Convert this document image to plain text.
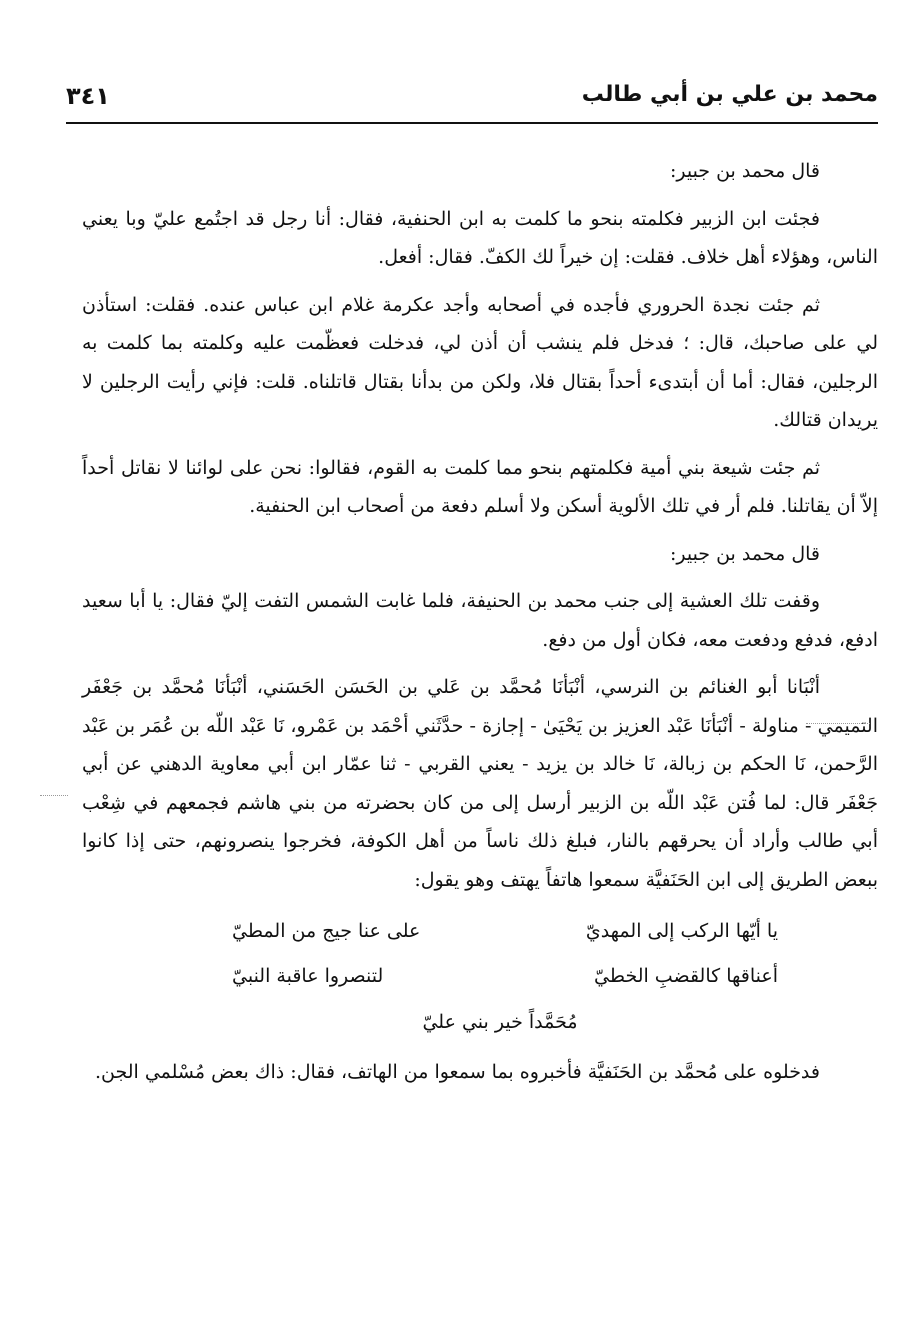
محمد بن علي بن أبي طالب
٣٤١

قال محمد بن جبير:

فجئت ابن الزبير فكلمته بنحو ما كلمت به ابن الحنفية، فقال: أنا رجل قد اجتُمع عليّ وبا يعني الناس، وهؤلاء أهل خلاف. فقلت: إن خيراً لك الكفّ. فقال: أفعل.

ثم جئت نجدة الحروري فأجده في أصحابه وأجد عكرمة غلام ابن عباس عنده. فقلت: استأذن لي على صاحبك، قال: ؛ فدخل فلم ينشب أن أذن لي، فدخلت فعظّمت عليه وكلمته بما كلمت به الرجلين، فقال: أما أن أبتدىء أحداً بقتال فلا، ولكن من بدأنا بقتال قاتلناه. قلت: فإني رأيت الرجلين لا يريدان قتالك.

ثم جئت شيعة بني أمية فكلمتهم بنحو مما كلمت به القوم، فقالوا: نحن على لوائنا لا نقاتل أحداً إلاّ أن يقاتلنا. فلم أر في تلك الألوية أسكن ولا أسلم دفعة من أصحاب ابن الحنفية.

قال محمد بن جبير:

وقفت تلك العشية إلى جنب محمد بن الحنيفة، فلما غابت الشمس التفت إليّ فقال: يا أبا سعيد ادفع، فدفع ودفعت معه، فكان أول من دفع.

أنْبَانا أبو الغنائم بن النرسي، أنْبَأنَا مُحمَّد بن عَلي بن الحَسَن الحَسَني، أنْبَأنَا مُحمَّد بن جَعْفَر التميمي - مناولة - أنْبَأنَا عَبْد العزيز بن يَحْيَىٰ - إجازة - حدَّثَني أحْمَد بن عَمْرو، نَا عَبْد اللّه بن عُمَر بن عَبْد الرَّحمن، نَا الحكم بن زبالة، نَا خالد بن يزيد - يعني القربي - ثنا عمّار ابن أبي معاوية الدهني عن أبي جَعْفَر قال: لما فُتن عَبْد اللّه بن الزبير أرسل إلى من كان بحضرته من بني هاشم فجمعهم في شِعْب أبي طالب وأراد أن يحرقهم بالنار، فبلغ ذلك ناساً من أهل الكوفة، فخرجوا ينصرونهم، حتى إذا كانوا ببعض الطريق إلى ابن الحَنَفيَّة سمعوا هاتفاً يهتف وهو يقول:

يا أيّها الركب إلى المهديّ
على عنا جيج من المطيّ
أعناقها كالقضبِ الخطيّ
لتنصروا عاقبة النبيّ
مُحَمَّداً خير بني عليّ

فدخلوه على مُحمَّد بن الحَنَفيَّة فأخبروه بما سمعوا من الهاتف، فقال: ذاك بعض مُسْلمي الجن.
